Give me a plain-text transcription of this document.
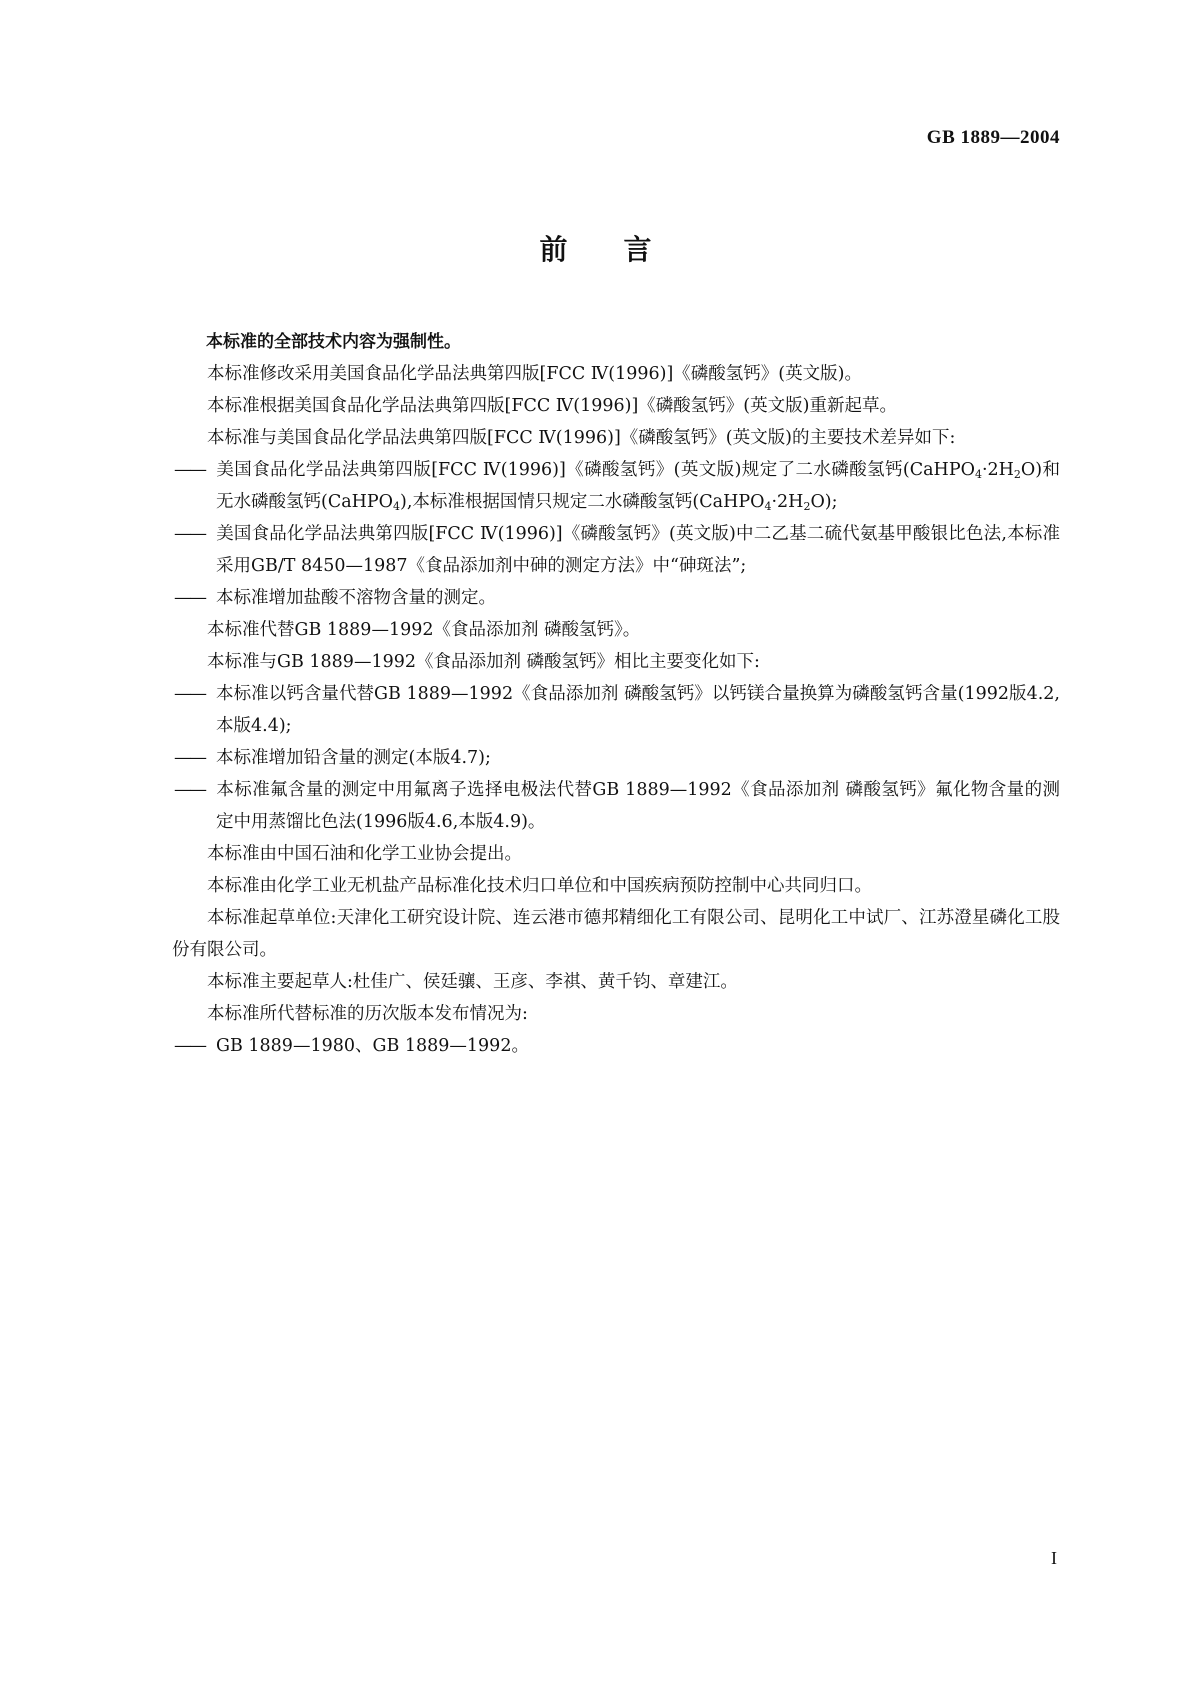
GB 1889—2004
前 言

本标准的全部技术内容为强制性。

本标准修改采用美国食品化学品法典第四版[FCC Ⅳ(1996)]《磷酸氢钙》(英文版)。

本标准根据美国食品化学品法典第四版[FCC Ⅳ(1996)]《磷酸氢钙》(英文版)重新起草。

本标准与美国食品化学品法典第四版[FCC Ⅳ(1996)]《磷酸氢钙》(英文版)的主要技术差异如下:

—— 美国食品化学品法典第四版[FCC Ⅳ(1996)]《磷酸氢钙》(英文版)规定了二水磷酸氢钙$(CaHPO_4\cdot 2H_2O)$和无水磷酸氢钙(CaHPO$_4$),本标准根据国情只规定二水磷酸氢钙$(CaHPO_4\cdot 2H_2O)$;

—— 美国食品化学品法典第四版[FCC Ⅳ(1996)]《磷酸氢钙》(英文版)中二乙基二硫代氨基甲酸银比色法,本标准采用GB/T 8450—1987《食品添加剂中砷的测定方法》中“砷斑法”;

—— 本标准增加盐酸不溶物含量的测定。

本标准代替GB 1889—1992《食品添加剂 磷酸氢钙》。

本标准与GB 1889—1992《食品添加剂 磷酸氢钙》相比主要变化如下:

—— 本标准以钙含量代替GB 1889—1992《食品添加剂 磷酸氢钙》以钙镁合量换算为磷酸氢钙含量(1992版4.2,本版4.4);

—— 本标准增加铅含量的测定(本版4.7);

—— 本标准氟含量的测定中用氟离子选择电极法代替GB 1889—1992《食品添加剂 磷酸氢钙》氟化物含量的测定中用蒸馏比色法(1996版4.6,本版4.9)。

本标准由中国石油和化学工业协会提出。

本标准由化学工业无机盐产品标准化技术归口单位和中国疾病预防控制中心共同归口。

本标准起草单位:天津化工研究设计院、连云港市德邦精细化工有限公司、昆明化工中试厂、江苏澄星磷化工股份有限公司。

本标准主要起草人:杜佳广、侯廷骧、王彦、李祺、黄千钧、章建江。

本标准所代替标准的历次版本发布情况为:

—— GB 1889—1980、GB 1889—1992。

I
